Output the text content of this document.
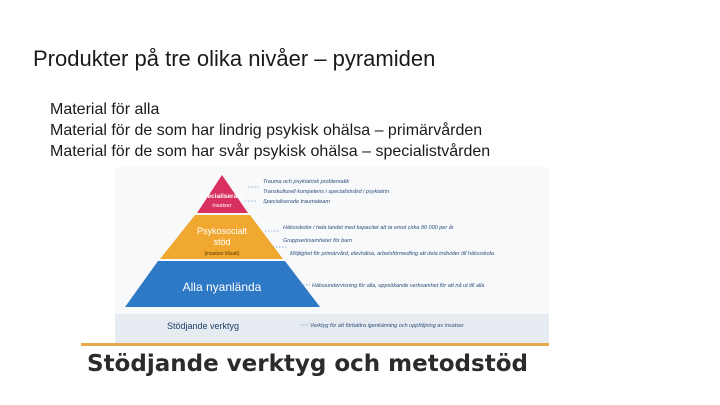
Produkter på tre olika nivåer – pyramiden
Material för alla
Material för de som har lindrig psykisk ohälsa – primärvården
Material för de som har svår psykisk ohälsa – specialistvården
Specialiserade
insatser
Psykosocialt
stöd
(insatser tillsatt)
Alla nyanlända
Stödjande verktyg
Trauma och psykiatrisk problematik
Transkulturell kompetens i specialistvård i psykiatrin
Specialiserade traumateam
Hälsoskolor i hela landet med kapacitet att ta emot cirka 90 000 per år
Gruppverksamheter för barn
Möjlighet för primärvård, elevhälsa, arbetsförmedling att dela individer till hälsoskola
Hälsoundervisning för alla, uppsökande verksamhet för att nå ut till alla
Verktyg för att förbättra igenkänning och uppföljning av insatser
Stödjande verktyg och metodstöd
